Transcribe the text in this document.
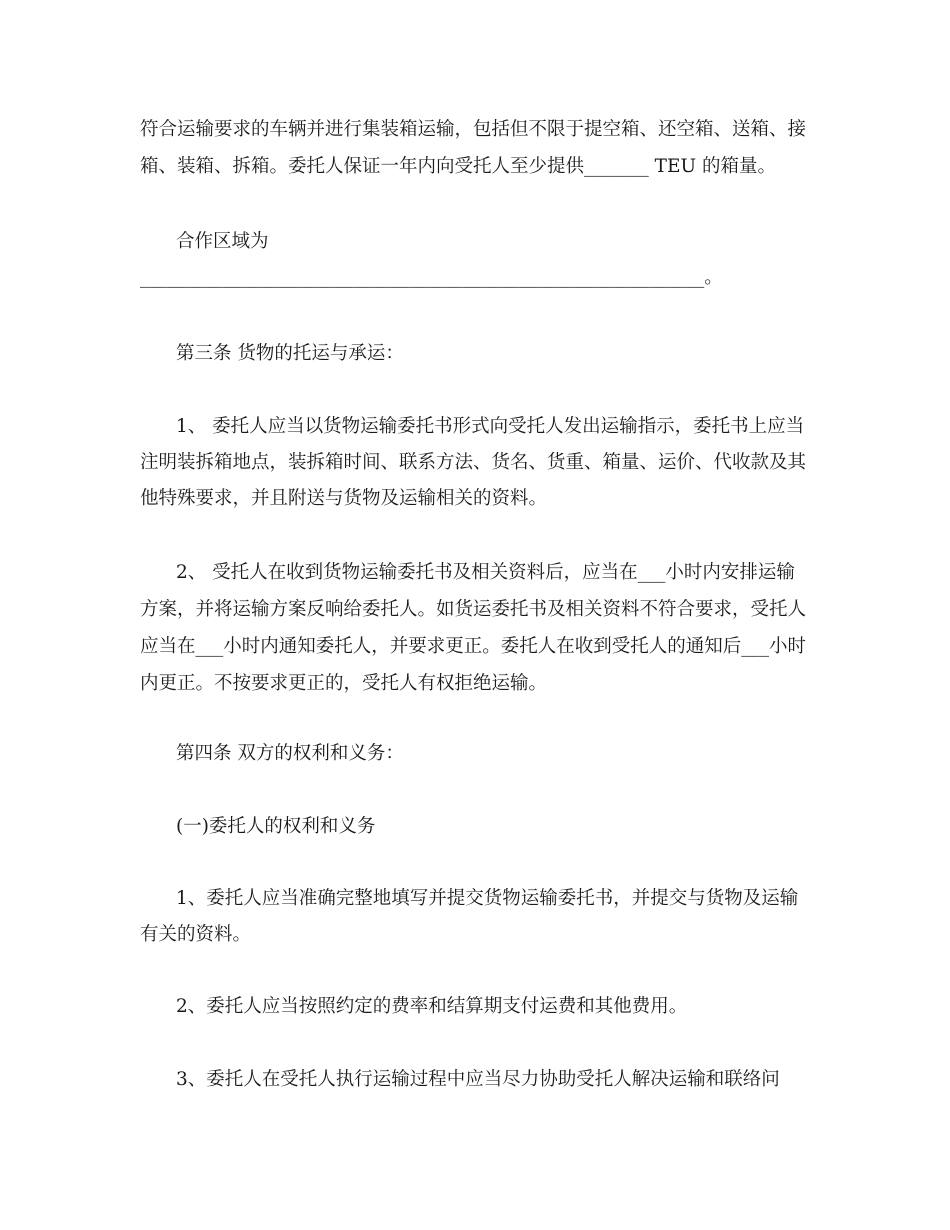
符合运输要求的车辆并进行集装箱运输，包括但不限于提空箱、还空箱、送箱、接
箱、装箱、拆箱。委托人保证一年内向受托人至少提供_______ TEU 的箱量。
合作区域为
_____________________________________________________________。
第三条 货物的托运与承运：
1、 委托人应当以货物运输委托书形式向受托人发出运输指示，委托书上应当
注明装拆箱地点，装拆箱时间、联系方法、货名、货重、箱量、运价、代收款及其
他特殊要求，并且附送与货物及运输相关的资料。
2、 受托人在收到货物运输委托书及相关资料后，应当在___小时内安排运输
方案，并将运输方案反响给委托人。如货运委托书及相关资料不符合要求，受托人
应当在___小时内通知委托人，并要求更正。委托人在收到受托人的通知后___小时
内更正。不按要求更正的，受托人有权拒绝运输。
第四条 双方的权利和义务：
(一)委托人的权利和义务
1、委托人应当准确完整地填写并提交货物运输委托书，并提交与货物及运输
有关的资料。
2、委托人应当按照约定的费率和结算期支付运费和其他费用。
3、委托人在受托人执行运输过程中应当尽力协助受托人解决运输和联络问
